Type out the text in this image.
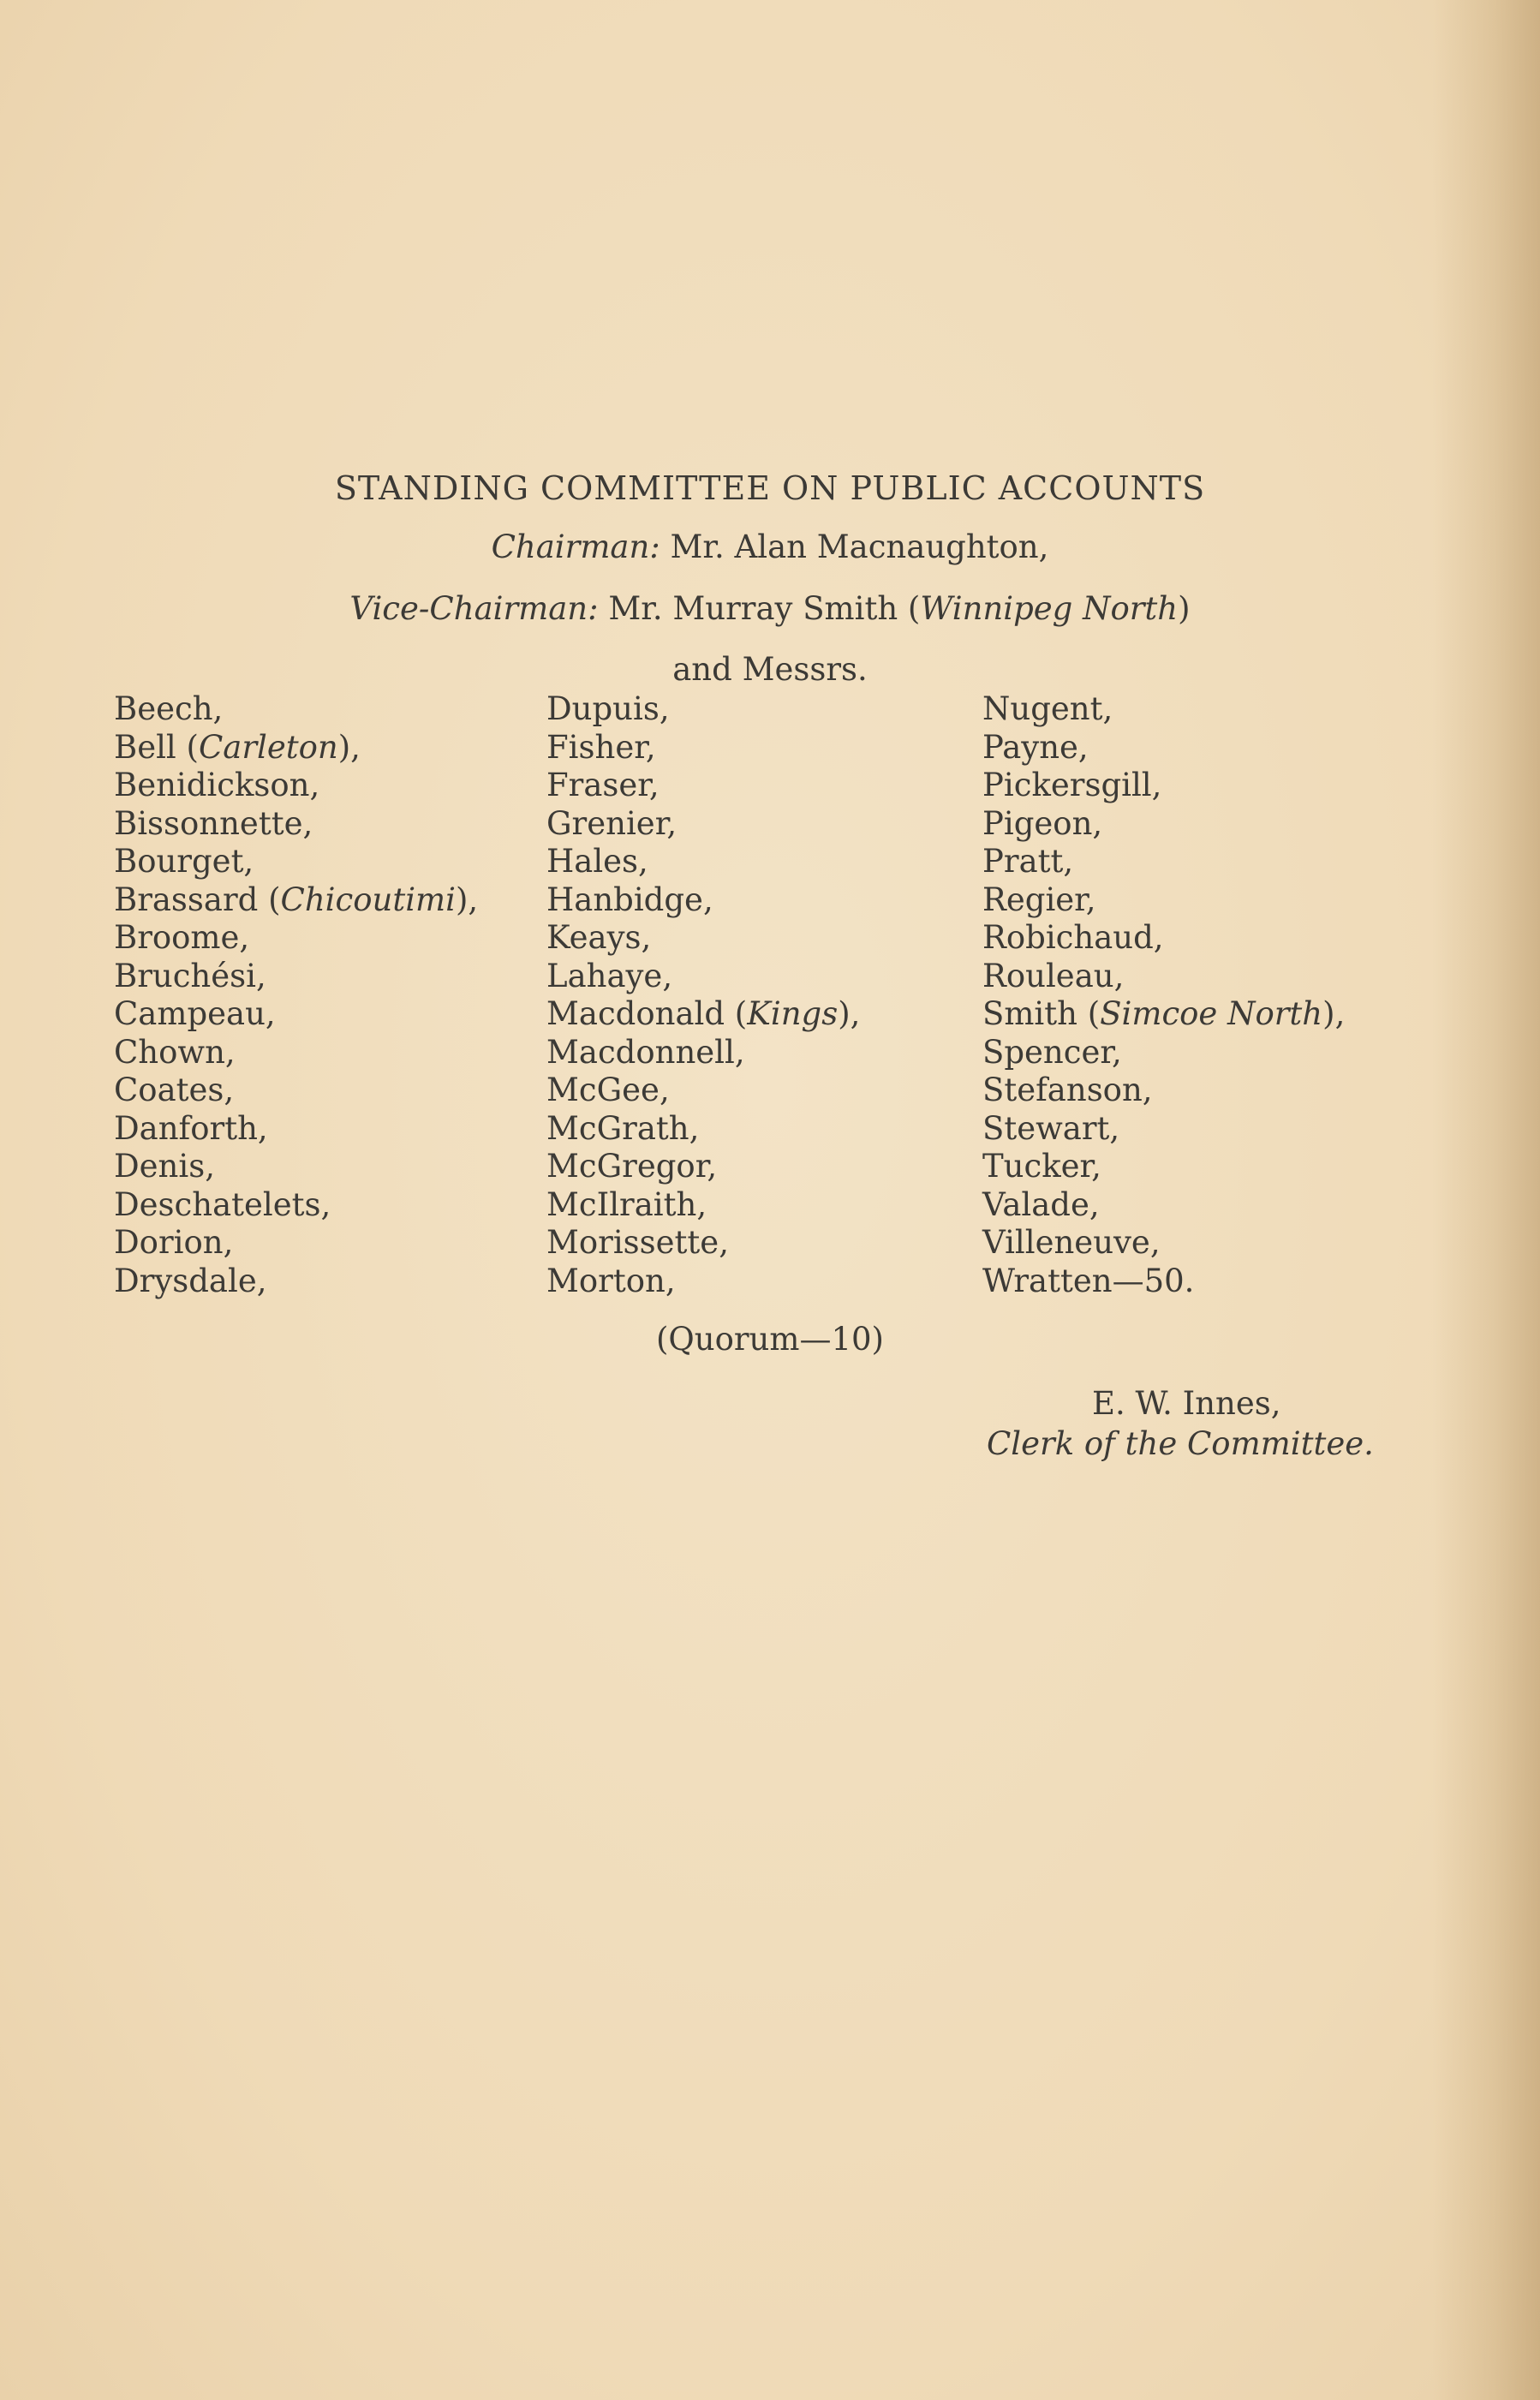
STANDING COMMITTEE ON PUBLIC ACCOUNTS
Chairman: Mr. Alan Macnaughton,
Vice-Chairman: Mr. Murray Smith (Winnipeg North)
and Messrs.
Beech,
Bell (Carleton),
Benidickson,
Bissonnette,
Bourget,
Brassard (Chicoutimi),
Broome,
Bruchési,
Campeau,
Chown,
Coates,
Danforth,
Denis,
Deschatelets,
Dorion,
Drysdale,
Dupuis,
Fisher,
Fraser,
Grenier,
Hales,
Hanbidge,
Keays,
Lahaye,
Macdonald (Kings),
Macdonnell,
McGee,
McGrath,
McGregor,
McIlraith,
Morissette,
Morton,
Nugent,
Payne,
Pickersgill,
Pigeon,
Pratt,
Regier,
Robichaud,
Rouleau,
Smith (Simcoe North),
Spencer,
Stefanson,
Stewart,
Tucker,
Valade,
Villeneuve,
Wratten—50.
(Quorum—10)
E. W. Innes,
Clerk of the Committee.
